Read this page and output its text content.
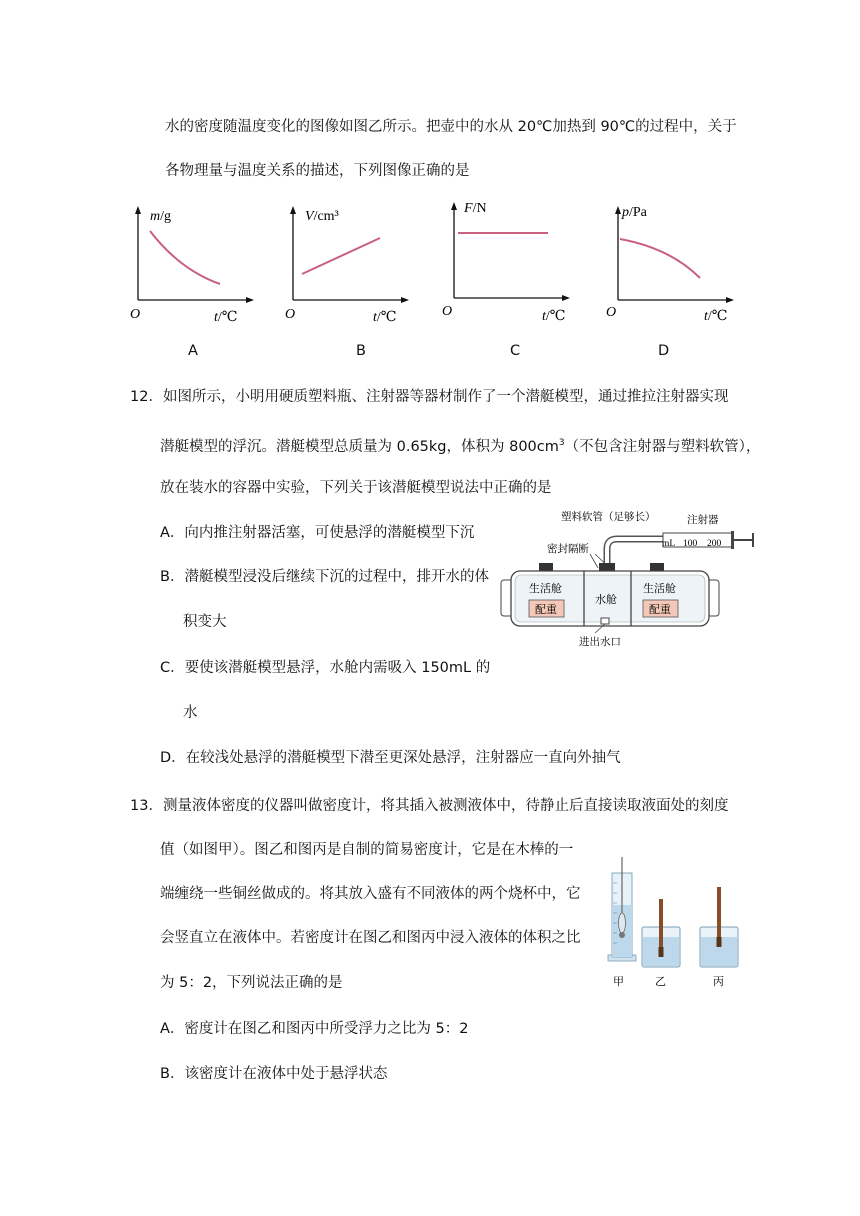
水的密度随温度变化的图像如图乙所示。把壶中的水从 20℃加热到 90℃的过程中，关于
各物理量与温度关系的描述，下列图像正确的是
m/g
O	t/℃
A
V/cm³
O	t/℃
B
F/N
O	t/℃
C
p/Pa
O	t/℃
D
12．如图所示，小明用硬质塑料瓶、注射器等器材制作了一个潜艇模型，通过推拉注射器实现
潜艇模型的浮沉。潜艇模型总质量为 0.65kg，体积为 $800cm^3$（不包含注射器与塑料软管），
放在装水的容器中实验，下列关于该潜艇模型说法中正确的是
A．向内推注射器活塞，可使悬浮的潜艇模型下沉
B．潜艇模型浸没后继续下沉的过程中，排开水的体
积变大
C．要使该潜艇模型悬浮，水舱内需吸入 150mL 的
水
D．在较浅处悬浮的潜艇模型下潜至更深处悬浮，注射器应一直向外抽气
mL 100 200
塑料软管（足够长）	注射器
密封隔断
生活舱
配重
水舱
生活舱
配重
进出水口
13．测量液体密度的仪器叫做密度计，将其插入被测液体中，待静止后直接读取液面处的刻度
值（如图甲）。图乙和图丙是自制的简易密度计，它是在木棒的一
端缠绕一些铜丝做成的。将其放入盛有不同液体的两个烧杯中，它
会竖直立在液体中。若密度计在图乙和图丙中浸入液体的体积之比
为 5：2，下列说法正确的是
A．密度计在图乙和图丙中所受浮力之比为 5：2
B．该密度计在液体中处于悬浮状态
甲	乙	丙
